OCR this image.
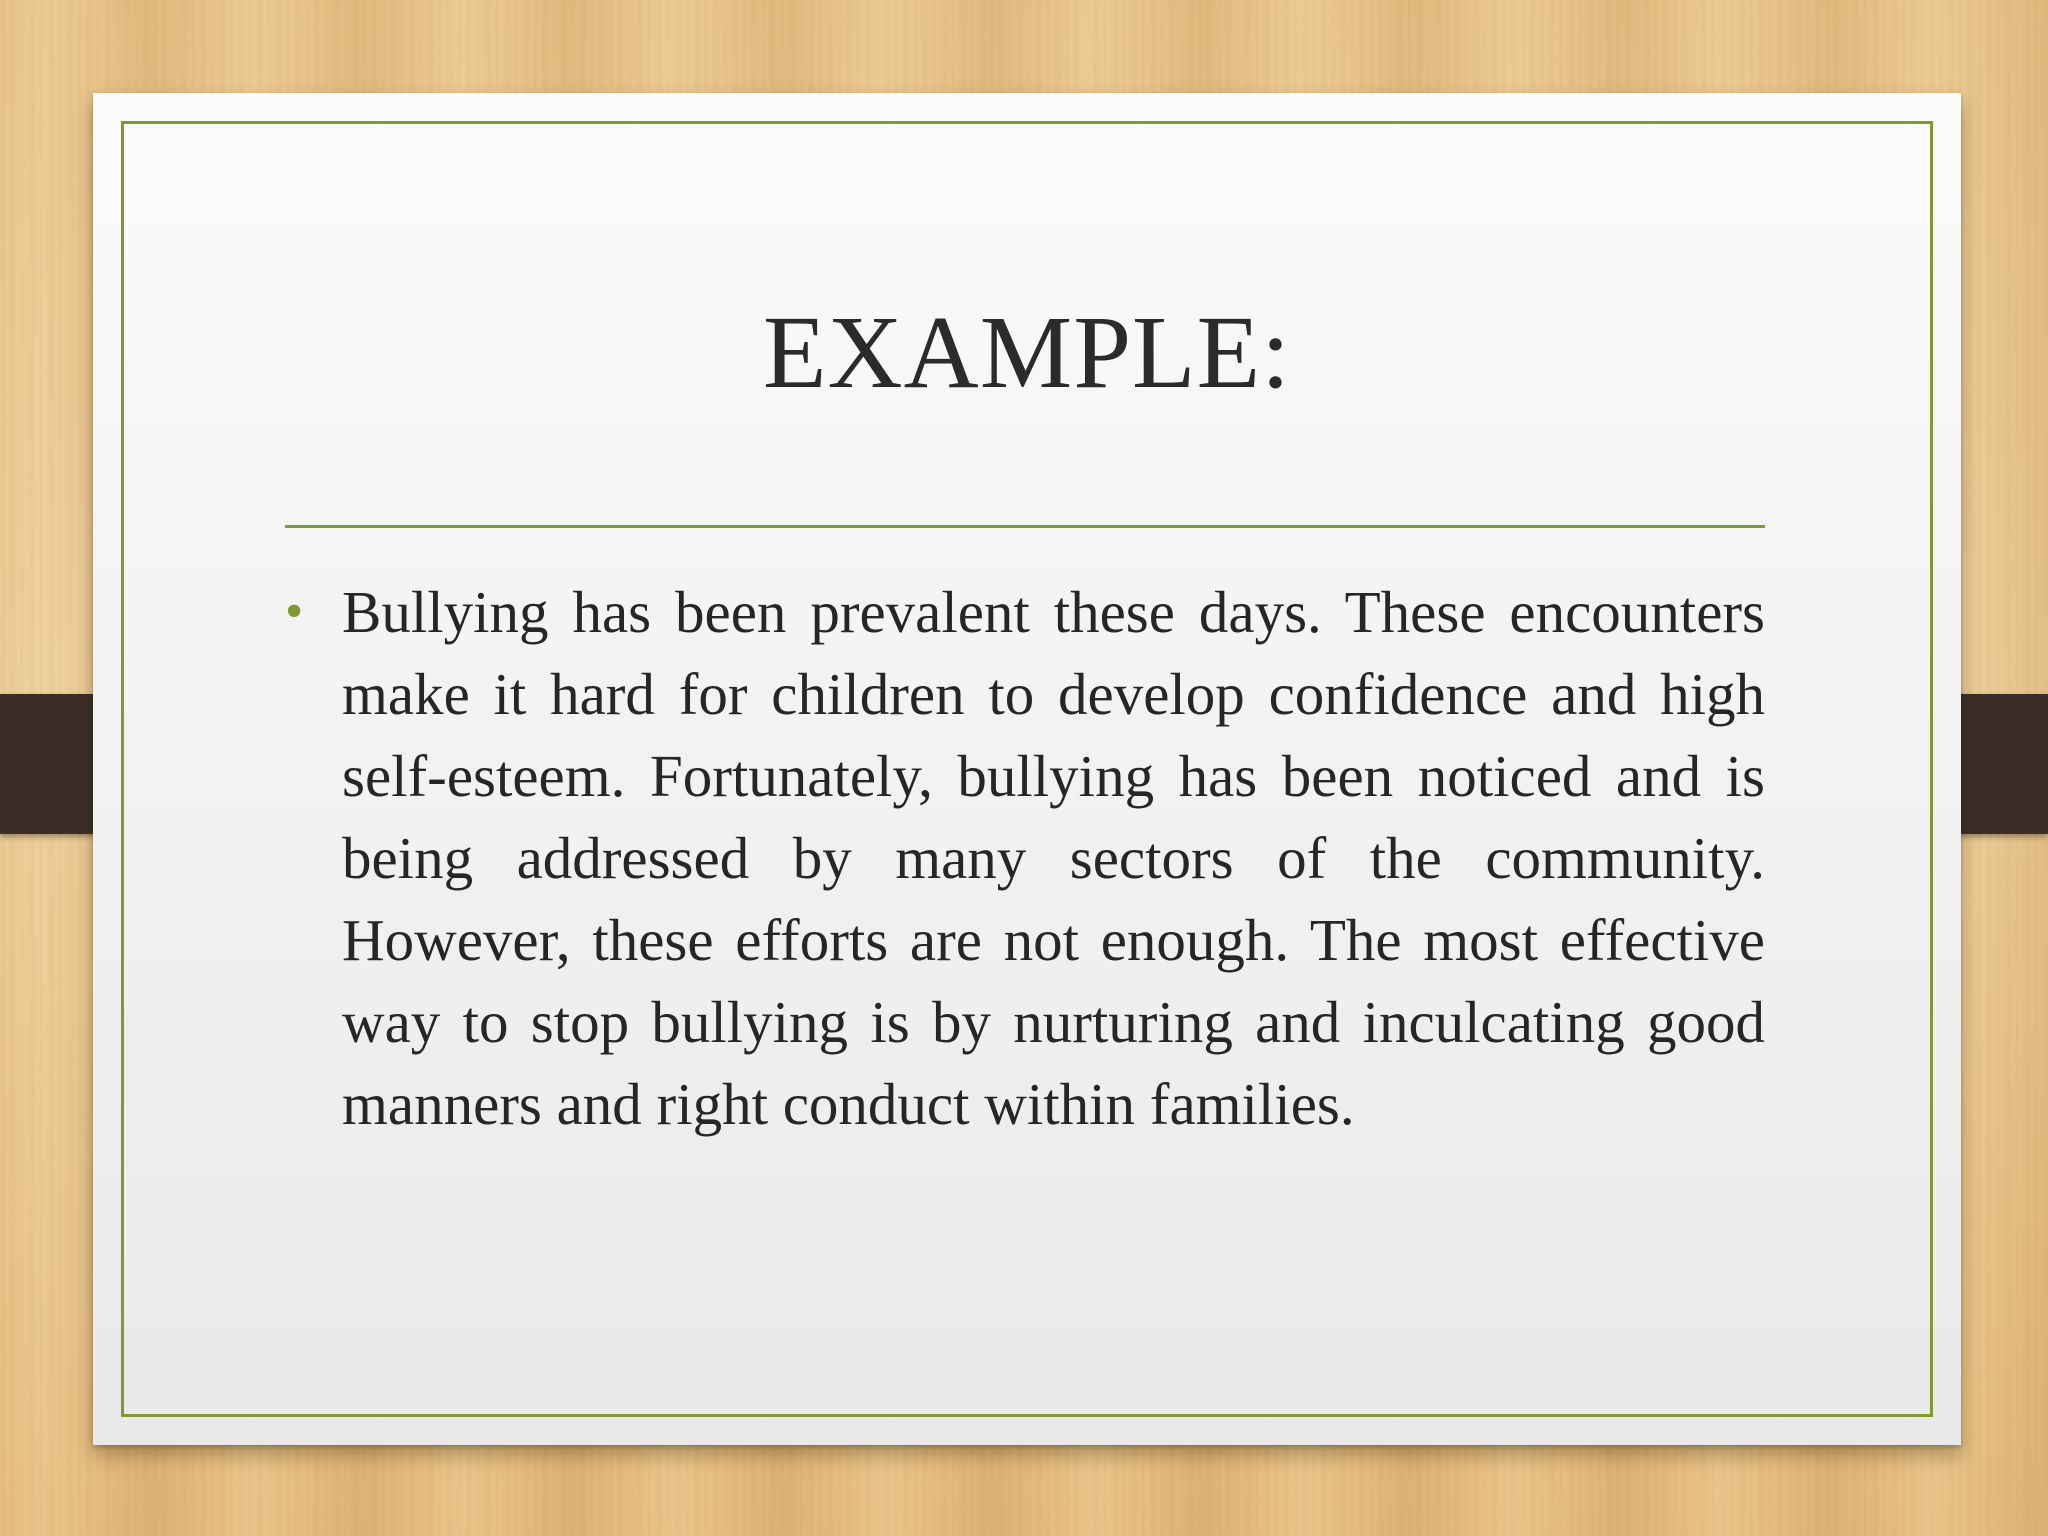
EXAMPLE:
• Bullying has been prevalent these days. These encounters make it hard for children to develop confidence and high self-esteem. Fortunately, bullying has been noticed and is being addressed by many sectors of the community. However, these efforts are not enough. The most effective way to stop bullying is by nurturing and inculcating good manners and right conduct within families.
